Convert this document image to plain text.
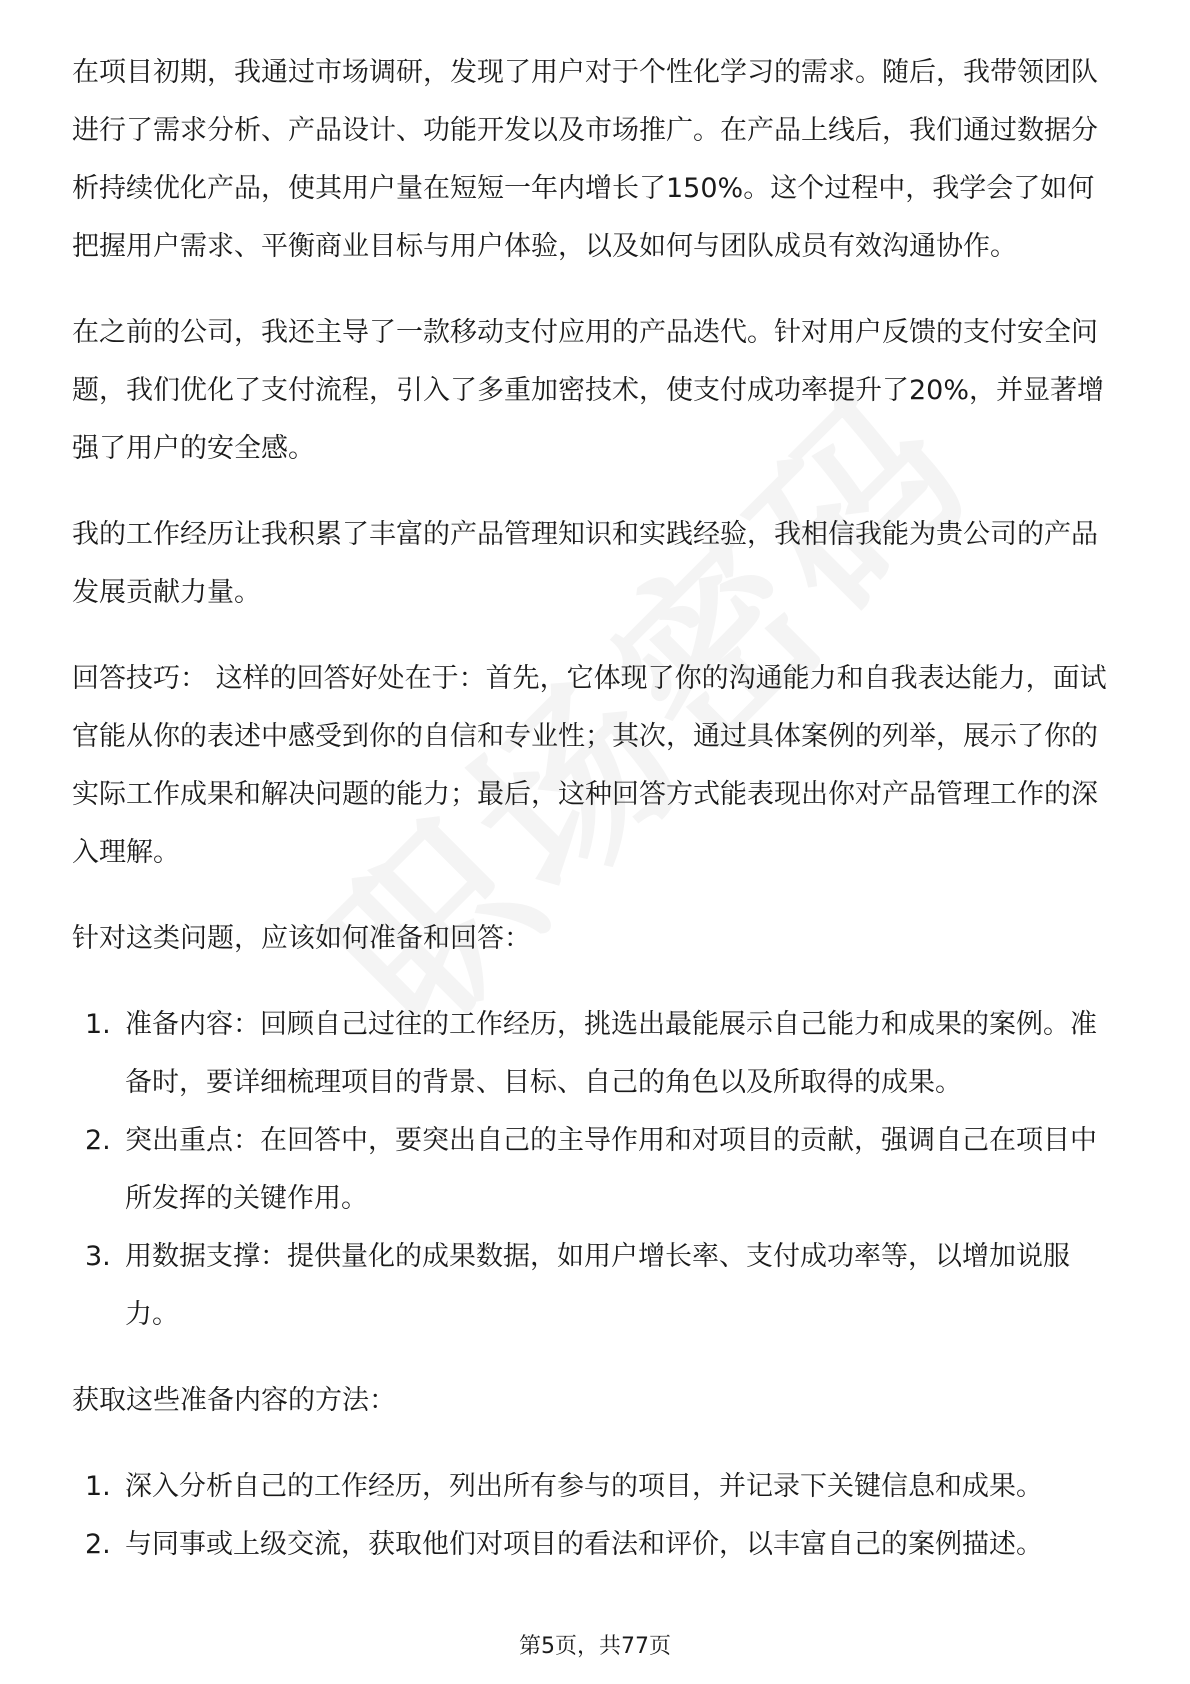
在项目初期，我通过市场调研，发现了用户对于个性化学习的需求。随后，我带领团队进行了需求分析、产品设计、功能开发以及市场推广。在产品上线后，我们通过数据分析持续优化产品，使其用户量在短短一年内增长了150%。这个过程中，我学会了如何把握用户需求、平衡商业目标与用户体验，以及如何与团队成员有效沟通协作。

在之前的公司，我还主导了一款移动支付应用的产品迭代。针对用户反馈的支付安全问题，我们优化了支付流程，引入了多重加密技术，使支付成功率提升了20%，并显著增强了用户的安全感。

我的工作经历让我积累了丰富的产品管理知识和实践经验，我相信我能为贵公司的产品发展贡献力量。

回答技巧： 这样的回答好处在于：首先，它体现了你的沟通能力和自我表达能力，面试官能从你的表述中感受到你的自信和专业性；其次，通过具体案例的列举，展示了你的实际工作成果和解决问题的能力；最后，这种回答方式能表现出你对产品管理工作的深入理解。

针对这类问题，应该如何准备和回答：

1. 准备内容：回顾自己过往的工作经历，挑选出最能展示自己能力和成果的案例。准备时，要详细梳理项目的背景、目标、自己的角色以及所取得的成果。
2. 突出重点：在回答中，要突出自己的主导作用和对项目的贡献，强调自己在项目中所发挥的关键作用。
3. 用数据支撑：提供量化的成果数据，如用户增长率、支付成功率等，以增加说服力。

获取这些准备内容的方法：

1. 深入分析自己的工作经历，列出所有参与的项目，并记录下关键信息和成果。
2. 与同事或上级交流，获取他们对项目的看法和评价，以丰富自己的案例描述。
第5页，共77页
